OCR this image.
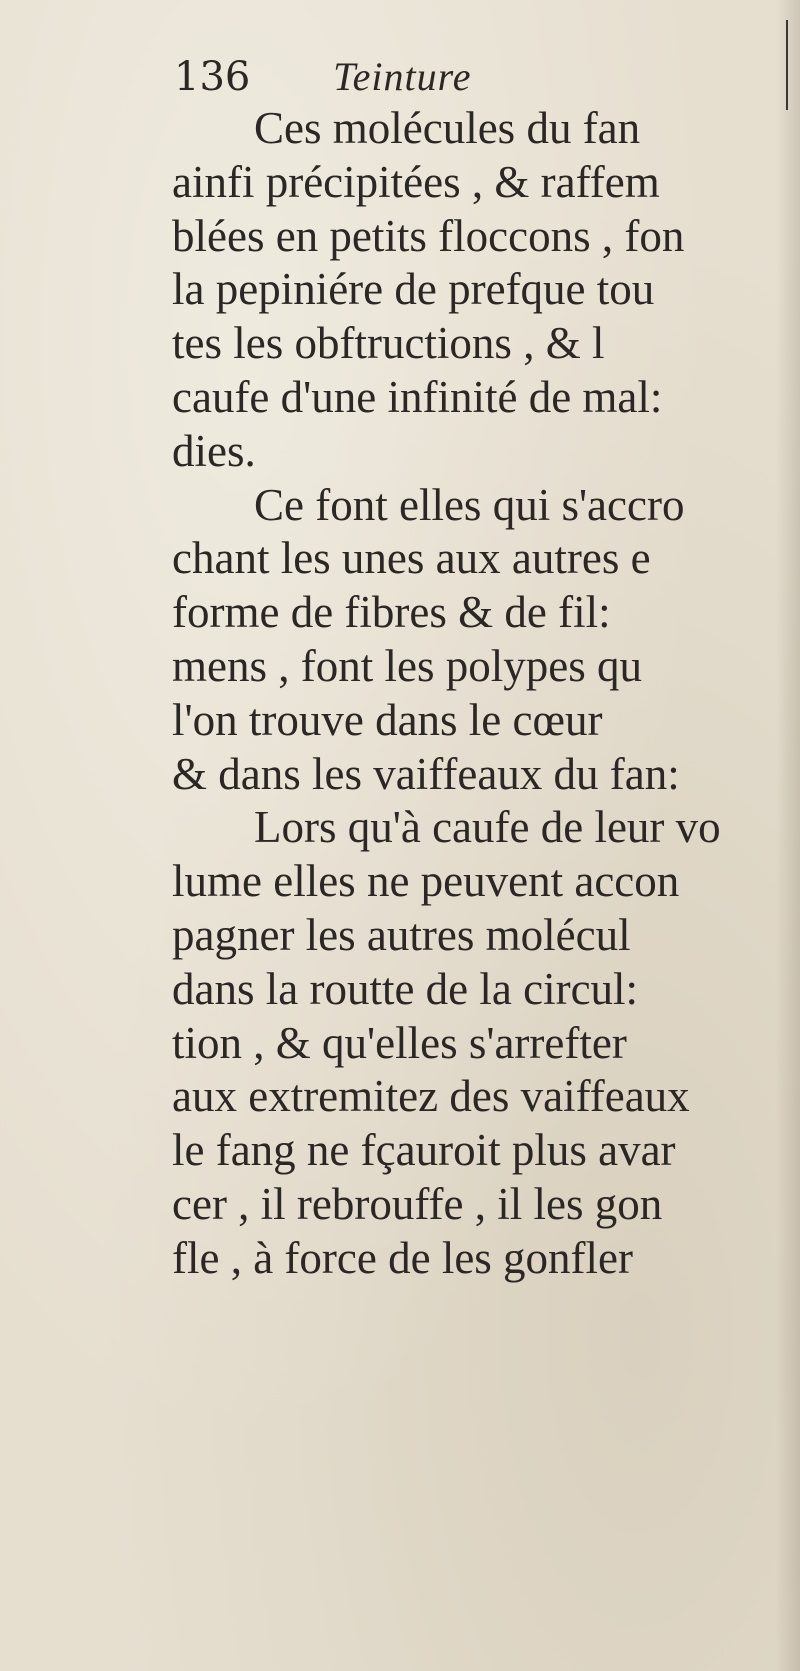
136 Teinture
Ces molécules du fan
ainfi précipitées , & raffem
blées en petits floccons , fon
la pepiniére de prefque tou
tes les obftructions , & l
caufe d'une infinité de mal:
dies.
Ce font elles qui s'accro
chant les unes aux autres e
forme de fibres & de fil:
mens , font les polypes qu
l'on trouve dans le cœur
& dans les vaiffeaux du fan:
Lors qu'à caufe de leur vo
lume elles ne peuvent accon
pagner les autres molécul
dans la routte de la circul:
tion , & qu'elles s'arrefter
aux extremitez des vaiffeaux
le fang ne fçauroit plus avar
cer , il rebrouffe , il les gon
fle , à force de les gonfler
